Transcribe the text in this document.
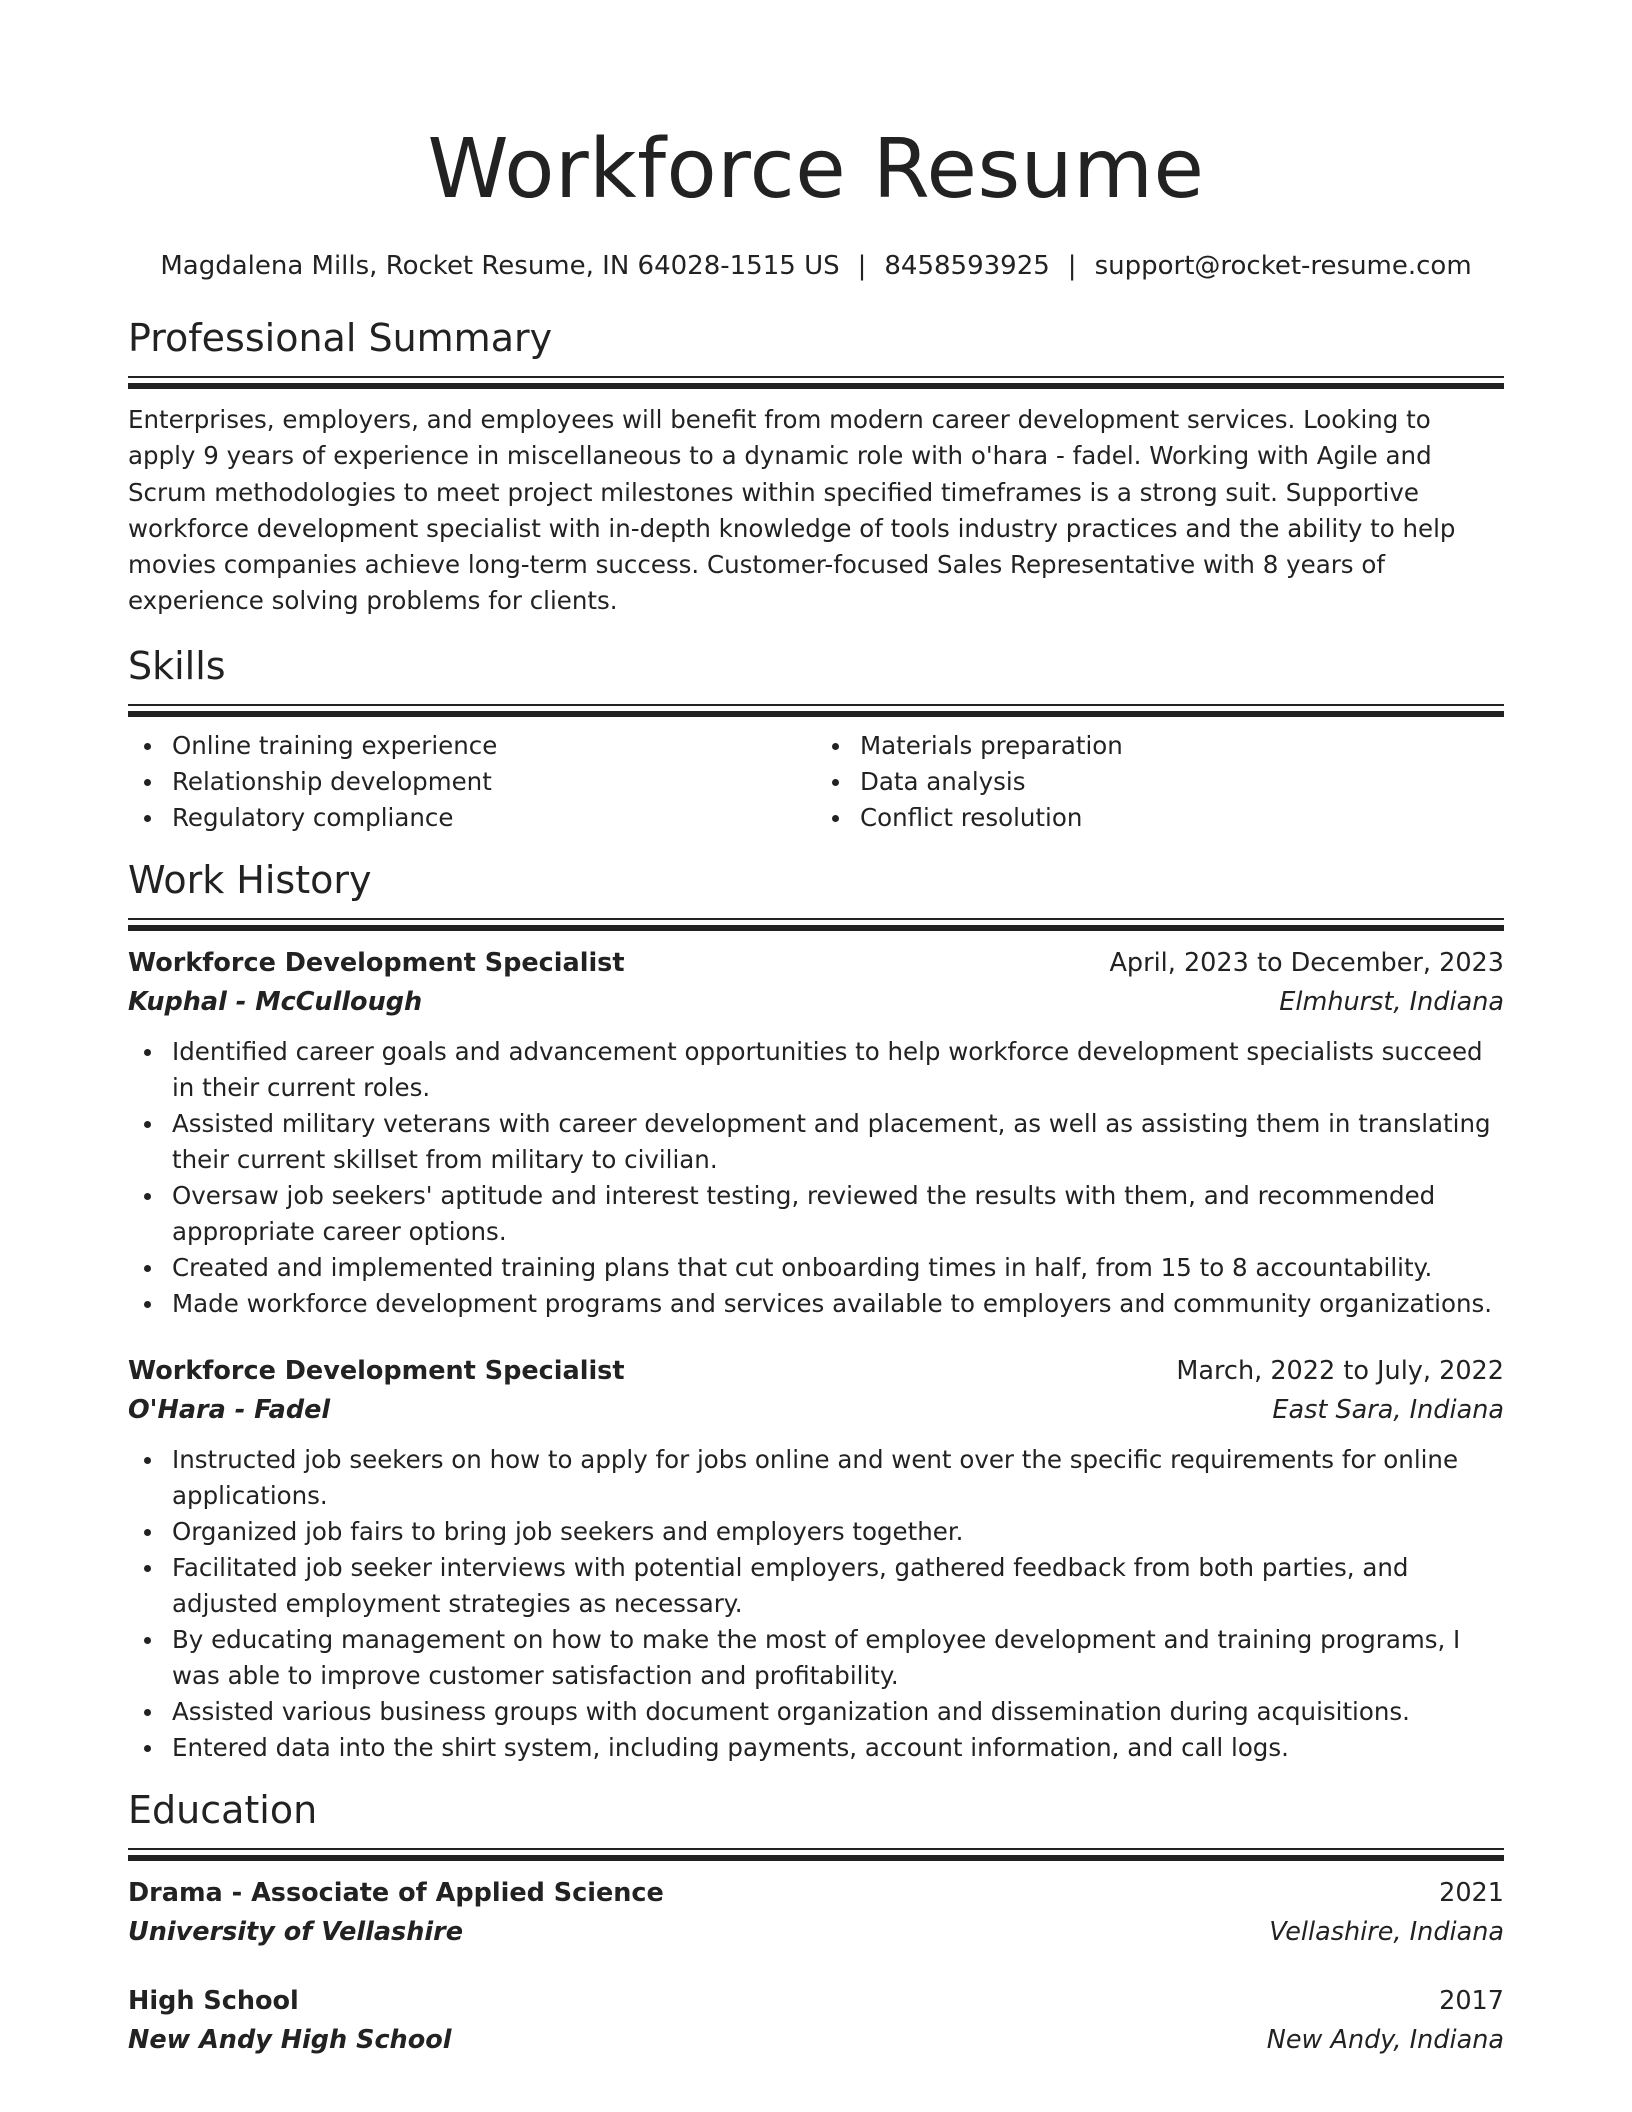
Workforce Resume
Magdalena Mills, Rocket Resume, IN 64028-1515 US | 8458593925 | support@rocket-resume.com
Professional Summary
Enterprises, employers, and employees will benefit from modern career development services. Looking to apply 9 years of experience in miscellaneous to a dynamic role with o'hara - fadel. Working with Agile and Scrum methodologies to meet project milestones within specified timeframes is a strong suit. Supportive workforce development specialist with in-depth knowledge of tools industry practices and the ability to help movies companies achieve long-term success. Customer-focused Sales Representative with 8 years of experience solving problems for clients.
Skills
Online training experience
Relationship development
Regulatory compliance
Materials preparation
Data analysis
Conflict resolution
Work History
Workforce Development Specialist	April, 2023 to December, 2023
Kuphal - McCullough	Elmhurst, Indiana
Identified career goals and advancement opportunities to help workforce development specialists succeed in their current roles.
Assisted military veterans with career development and placement, as well as assisting them in translating their current skillset from military to civilian.
Oversaw job seekers' aptitude and interest testing, reviewed the results with them, and recommended appropriate career options.
Created and implemented training plans that cut onboarding times in half, from 15 to 8 accountability.
Made workforce development programs and services available to employers and community organizations.
Workforce Development Specialist	March, 2022 to July, 2022
O'Hara - Fadel	East Sara, Indiana
Instructed job seekers on how to apply for jobs online and went over the specific requirements for online applications.
Organized job fairs to bring job seekers and employers together.
Facilitated job seeker interviews with potential employers, gathered feedback from both parties, and adjusted employment strategies as necessary.
By educating management on how to make the most of employee development and training programs, I was able to improve customer satisfaction and profitability.
Assisted various business groups with document organization and dissemination during acquisitions.
Entered data into the shirt system, including payments, account information, and call logs.
Education
Drama - Associate of Applied Science	2021
University of Vellashire	Vellashire, Indiana
High School	2017
New Andy High School	New Andy, Indiana
